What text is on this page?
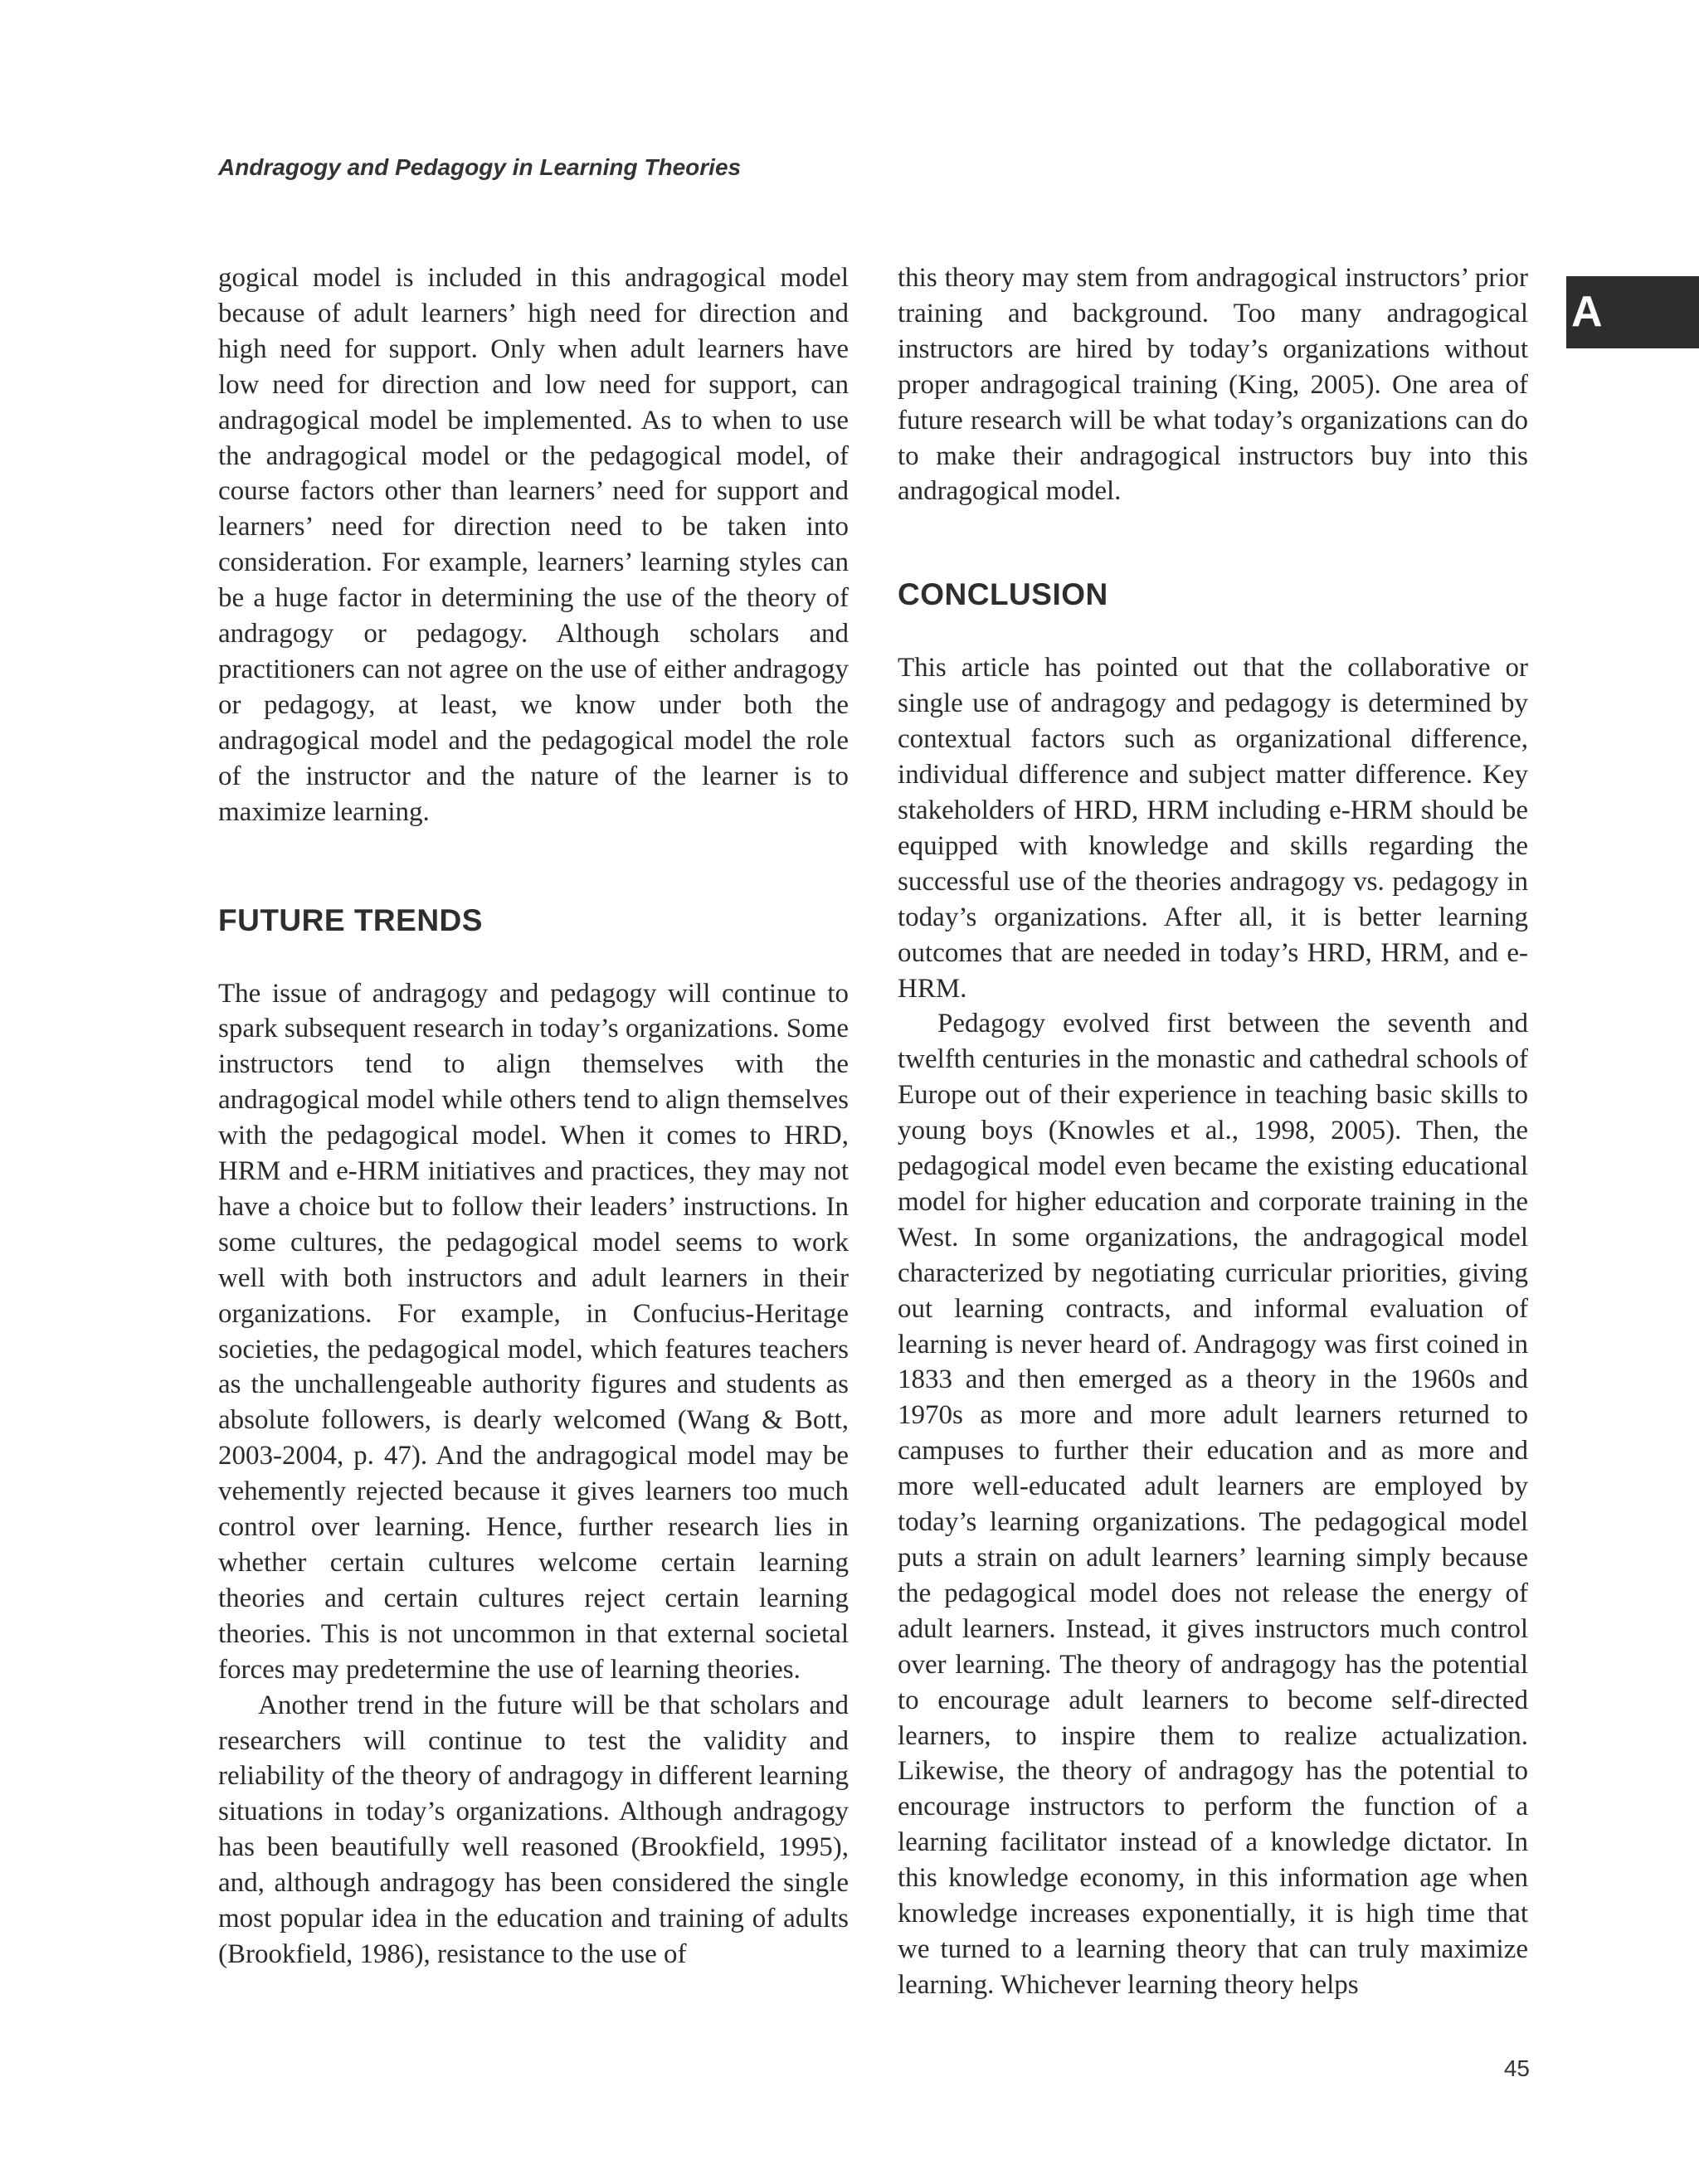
Andragogy and Pedagogy in Learning Theories
A

gogical model is included in this andragogical model because of adult learners’ high need for direction and high need for support. Only when adult learners have low need for direction and low need for support, can andragogical model be implemented. As to when to use the andragogical model or the pedagogical model, of course factors other than learners’ need for support and learners’ need for direction need to be taken into consideration. For example, learners’ learning styles can be a huge factor in determining the use of the theory of andragogy or pedagogy. Although scholars and practitioners can not agree on the use of either andragogy or pedagogy, at least, we know under both the andragogical model and the pedagogical model the role of the instructor and the nature of the learner is to maximize learning.

FUTURE TRENDS

The issue of andragogy and pedagogy will continue to spark subsequent research in today’s organizations. Some instructors tend to align themselves with the andragogical model while others tend to align themselves with the pedagogical model. When it comes to HRD, HRM and e-HRM initiatives and practices, they may not have a choice but to follow their leaders’ instructions. In some cultures, the pedagogical model seems to work well with both instructors and adult learners in their organizations. For example, in Confucius-Heritage societies, the pedagogical model, which features teachers as the unchallengeable authority figures and students as absolute followers, is dearly welcomed (Wang & Bott, 2003-2004, p. 47). And the andragogical model may be vehemently rejected because it gives learners too much control over learning. Hence, further research lies in whether certain cultures welcome certain learning theories and certain cultures reject certain learning theories. This is not uncommon in that external societal forces may predetermine the use of learning theories.

Another trend in the future will be that scholars and researchers will continue to test the validity and reliability of the theory of andragogy in different learning situations in today’s organizations. Although andragogy has been beautifully well reasoned (Brookfield, 1995), and, although andragogy has been considered the single most popular idea in the education and training of adults (Brookfield, 1986), resistance to the use of

this theory may stem from andragogical instructors’ prior training and background. Too many andragogical instructors are hired by today’s organizations without proper andragogical training (King, 2005). One area of future research will be what today’s organizations can do to make their andragogical instructors buy into this andragogical model.

CONCLUSION

This article has pointed out that the collaborative or single use of andragogy and pedagogy is determined by contextual factors such as organizational difference, individual difference and subject matter difference. Key stakeholders of HRD, HRM including e-HRM should be equipped with knowledge and skills regarding the successful use of the theories andragogy vs. pedagogy in today’s organizations. After all, it is better learning outcomes that are needed in today’s HRD, HRM, and e-HRM.

Pedagogy evolved first between the seventh and twelfth centuries in the monastic and cathedral schools of Europe out of their experience in teaching basic skills to young boys (Knowles et al., 1998, 2005). Then, the pedagogical model even became the existing educational model for higher education and corporate training in the West. In some organizations, the andragogical model characterized by negotiating curricular priorities, giving out learning contracts, and informal evaluation of learning is never heard of. Andragogy was first coined in 1833 and then emerged as a theory in the 1960s and 1970s as more and more adult learners returned to campuses to further their education and as more and more well-educated adult learners are employed by today’s learning organizations. The pedagogical model puts a strain on adult learners’ learning simply because the pedagogical model does not release the energy of adult learners. Instead, it gives instructors much control over learning. The theory of andragogy has the potential to encourage adult learners to become self-directed learners, to inspire them to realize actualization. Likewise, the theory of andragogy has the potential to encourage instructors to perform the function of a learning facilitator instead of a knowledge dictator. In this knowledge economy, in this information age when knowledge increases exponentially, it is high time that we turned to a learning theory that can truly maximize learning. Whichever learning theory helps

45
